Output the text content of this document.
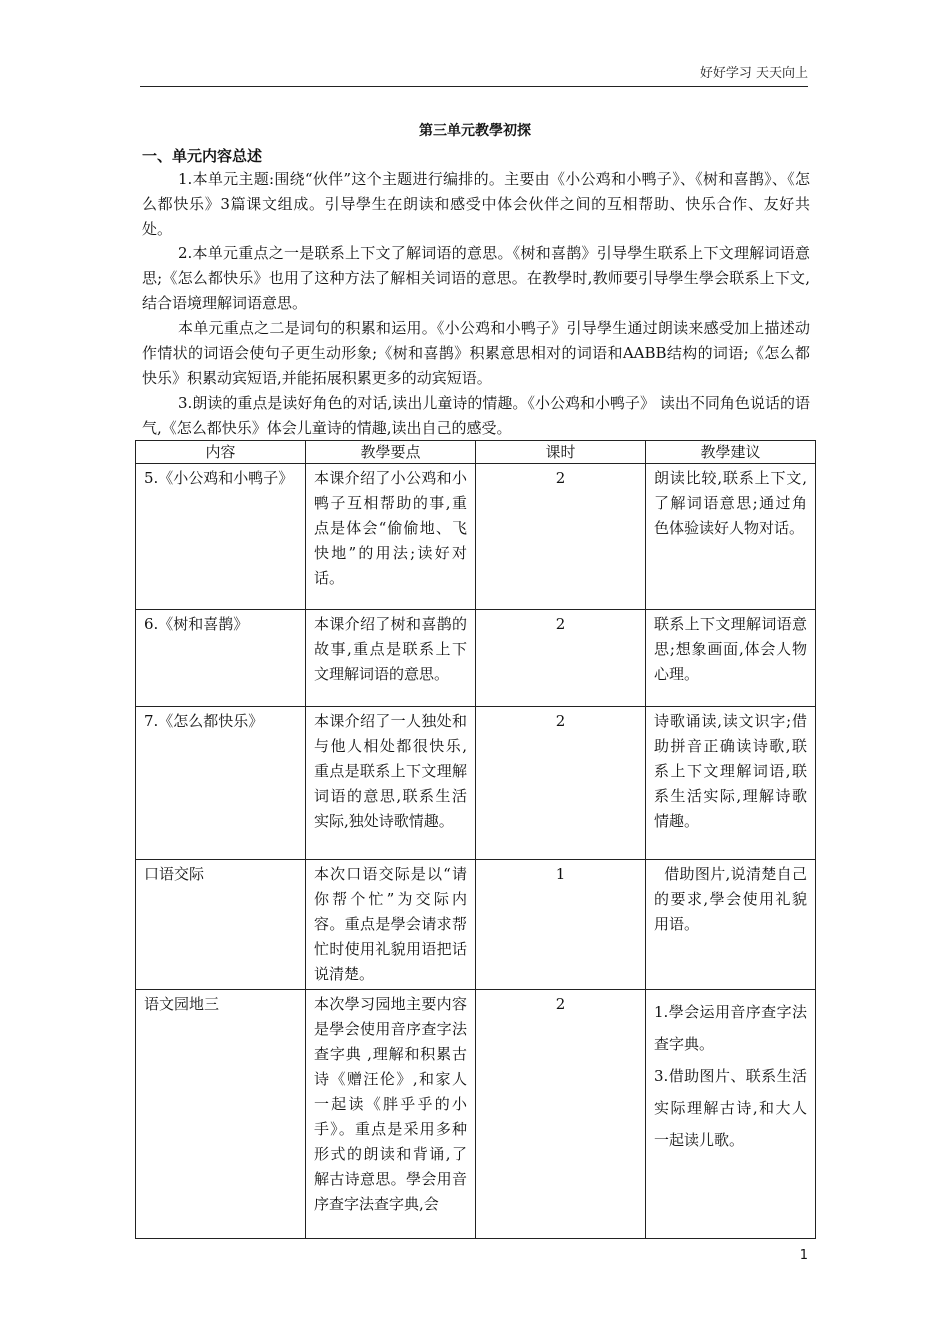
好好学习 天天向上
第三单元教學初探
一、单元内容总述

1.本单元主题:围绕“伙伴”这个主题进行编排的。主要由《小公鸡和小鸭子》、《树和喜鹊》、《怎么都快乐》3篇课文组成。引导學生在朗读和感受中体会伙伴之间的互相帮助、快乐合作、友好共处。

2.本单元重点之一是联系上下文了解词语的意思。《树和喜鹊》引导學生联系上下文理解词语意思;《怎么都快乐》也用了这种方法了解相关词语的意思。在教學时,教师要引导學生學会联系上下文,结合语境理解词语意思。

本单元重点之二是词句的积累和运用。《小公鸡和小鸭子》引导學生通过朗读来感受加上描述动作情状的词语会使句子更生动形象;《树和喜鹊》积累意思相对的词语和AABB结构的词语;《怎么都快乐》积累动宾短语,并能拓展积累更多的动宾短语。

3.朗读的重点是读好角色的对话,读出儿童诗的情趣。《小公鸡和小鸭子》 读出不同角色说话的语气,《怎么都快乐》体会儿童诗的情趣,读出自己的感受。

内容	教學要点	课时	教學建议
5.《小公鸡和小鸭子》	本课介绍了小公鸡和小鸭子互相帮助的事,重点是体会“偷偷地、飞快地”的用法;读好对话。	2	朗读比较,联系上下文,了解词语意思;通过角色体验读好人物对话。
6.《树和喜鹊》	本课介绍了树和喜鹊的故事,重点是联系上下文理解词语的意思。	2	联系上下文理解词语意思;想象画面,体会人物心理。
7.《怎么都快乐》	本课介绍了一人独处和与他人相处都很快乐,重点是联系上下文理解词语的意思,联系生活实际,独处诗歌情趣。	2	诗歌诵读,读文识字;借助拼音正确读诗歌,联系上下文理解词语,联系生活实际,理解诗歌情趣。
口语交际	本次口语交际是以“请你帮个忙”为交际内容。重点是學会请求帮忙时使用礼貌用语把话说清楚。	1	借助图片,说清楚自己的要求,學会使用礼貌用语。
语文园地三	本次學习园地主要内容是學会使用音序查字法查字典 ,理解和积累古诗《赠汪伦》,和家人一起读《胖乎乎的小手》。重点是采用多种形式的朗读和背诵,了解古诗意思。學会用音序查字法查字典,会	2	1.學会运用音序查字法查字典。

3.借助图片、联系生活实际理解古诗,和大人一起读儿歌。

1
